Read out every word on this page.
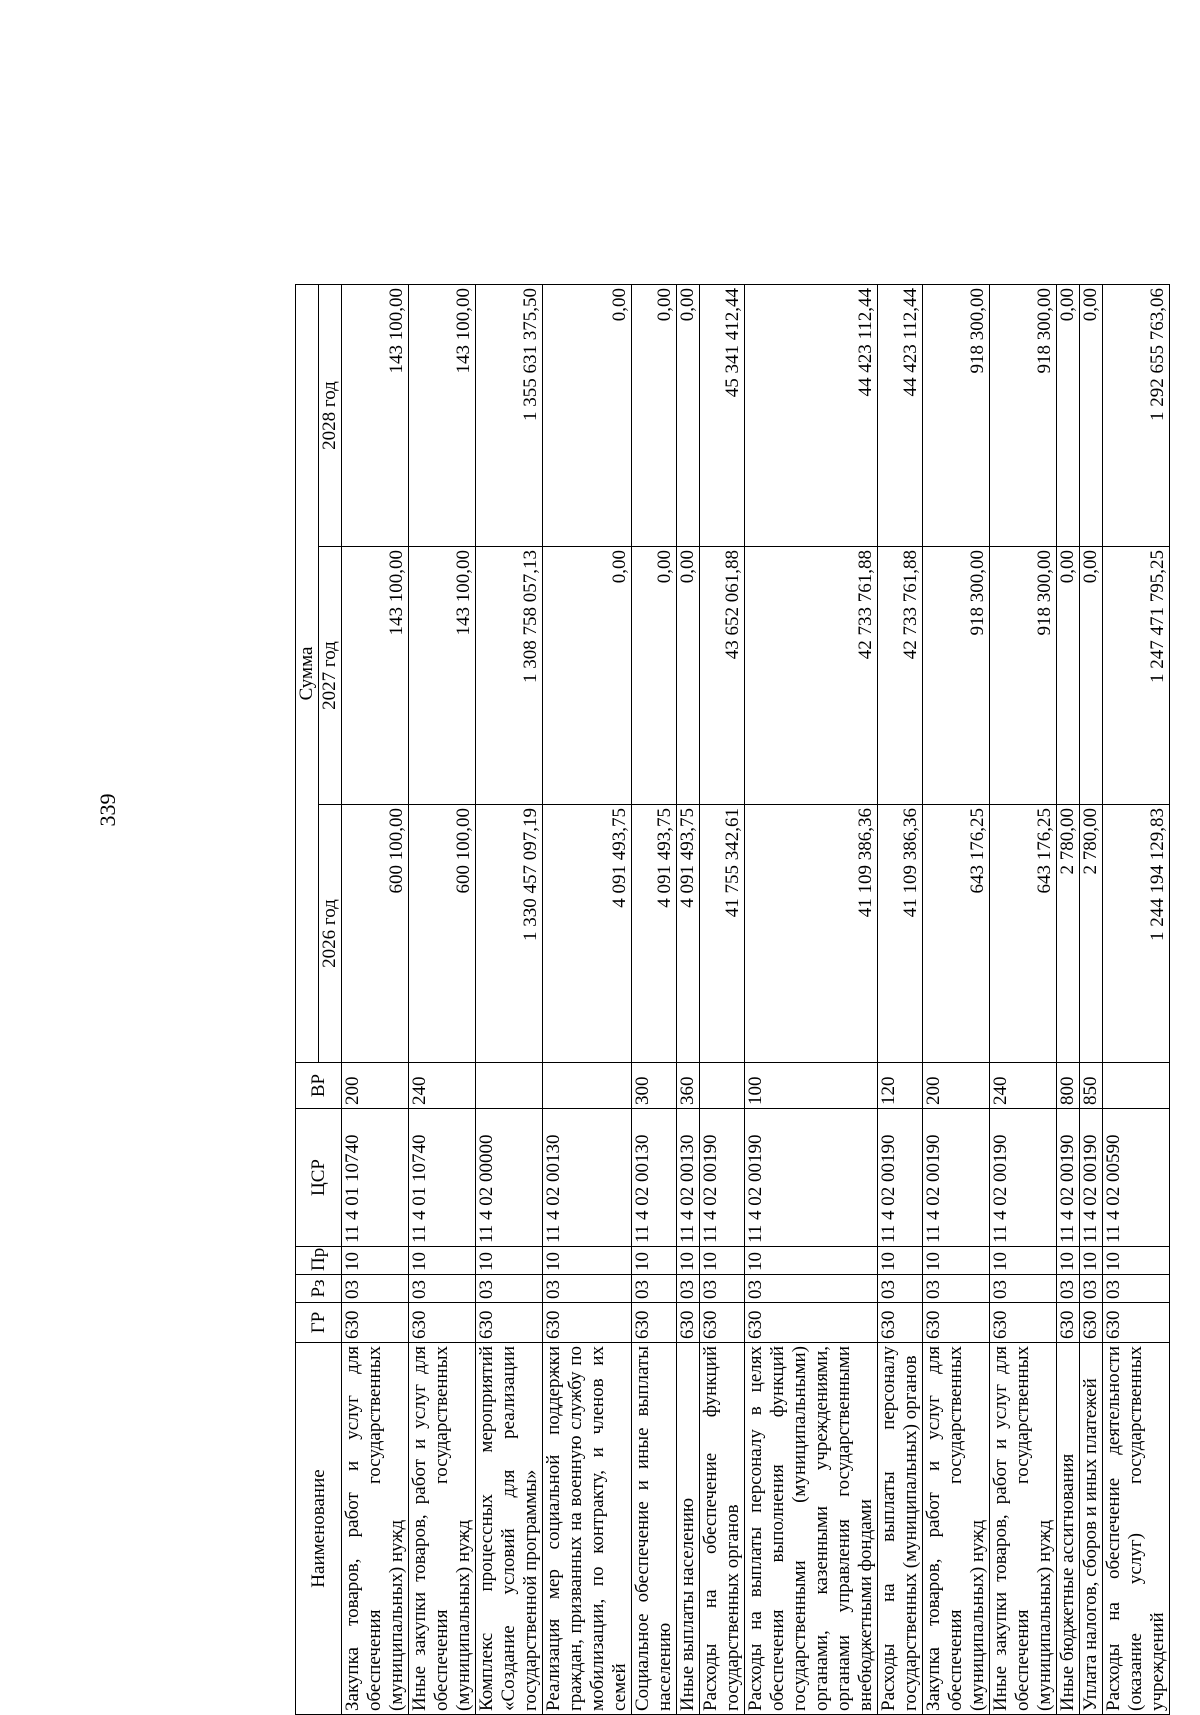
339
Наименование	ГР	Рз	Пр	ЦСР	ВР	Сумма		
						2026 год	2027 год	2028 год
Закупка товаров, работ и услуг для обеспечения государственных (муниципальных) нужд	630	03	10	11 4 01 10740	200	600 100,00	143 100,00	143 100,00
Иные закупки товаров, работ и услуг для обеспечения государственных (муниципальных) нужд	630	03	10	11 4 01 10740	240	600 100,00	143 100,00	143 100,00
Комплекс процессных мероприятий «Создание условий для реализации государственной программы»	630	03	10	11 4 02 00000		1 330 457 097,19	1 308 758 057,13	1 355 631 375,50
Реализация мер социальной поддержки граждан, призванных на военную службу по мобилизации, по контракту, и членов их семей	630	03	10	11 4 02 00130		4 091 493,75	0,00	0,00
Социальное обеспечение и иные выплаты населению	630	03	10	11 4 02 00130	300	4 091 493,75	0,00	0,00
Иные выплаты населению	630	03	10	11 4 02 00130	360	4 091 493,75	0,00	0,00
Расходы на обеспечение функций государственных органов	630	03	10	11 4 02 00190		41 755 342,61	43 652 061,88	45 341 412,44
Расходы на выплаты персоналу в целях обеспечения выполнения функций государственными (муниципальными) органами, казенными учреждениями, органами управления государственными внебюджетными фондами	630	03	10	11 4 02 00190	100	41 109 386,36	42 733 761,88	44 423 112,44
Расходы на выплаты персоналу государственных (муниципальных) органов	630	03	10	11 4 02 00190	120	41 109 386,36	42 733 761,88	44 423 112,44
Закупка товаров, работ и услуг для обеспечения государственных (муниципальных) нужд	630	03	10	11 4 02 00190	200	643 176,25	918 300,00	918 300,00
Иные закупки товаров, работ и услуг для обеспечения государственных (муниципальных) нужд	630	03	10	11 4 02 00190	240	643 176,25	918 300,00	918 300,00
Иные бюджетные ассигнования	630	03	10	11 4 02 00190	800	2 780,00	0,00	0,00
Уплата налогов, сборов и иных платежей	630	03	10	11 4 02 00190	850	2 780,00	0,00	0,00
Расходы на обеспечение деятельности (оказание услуг) государственных учреждений	630	03	10	11 4 02 00590		1 244 194 129,83	1 247 471 795,25	1 292 655 763,06
